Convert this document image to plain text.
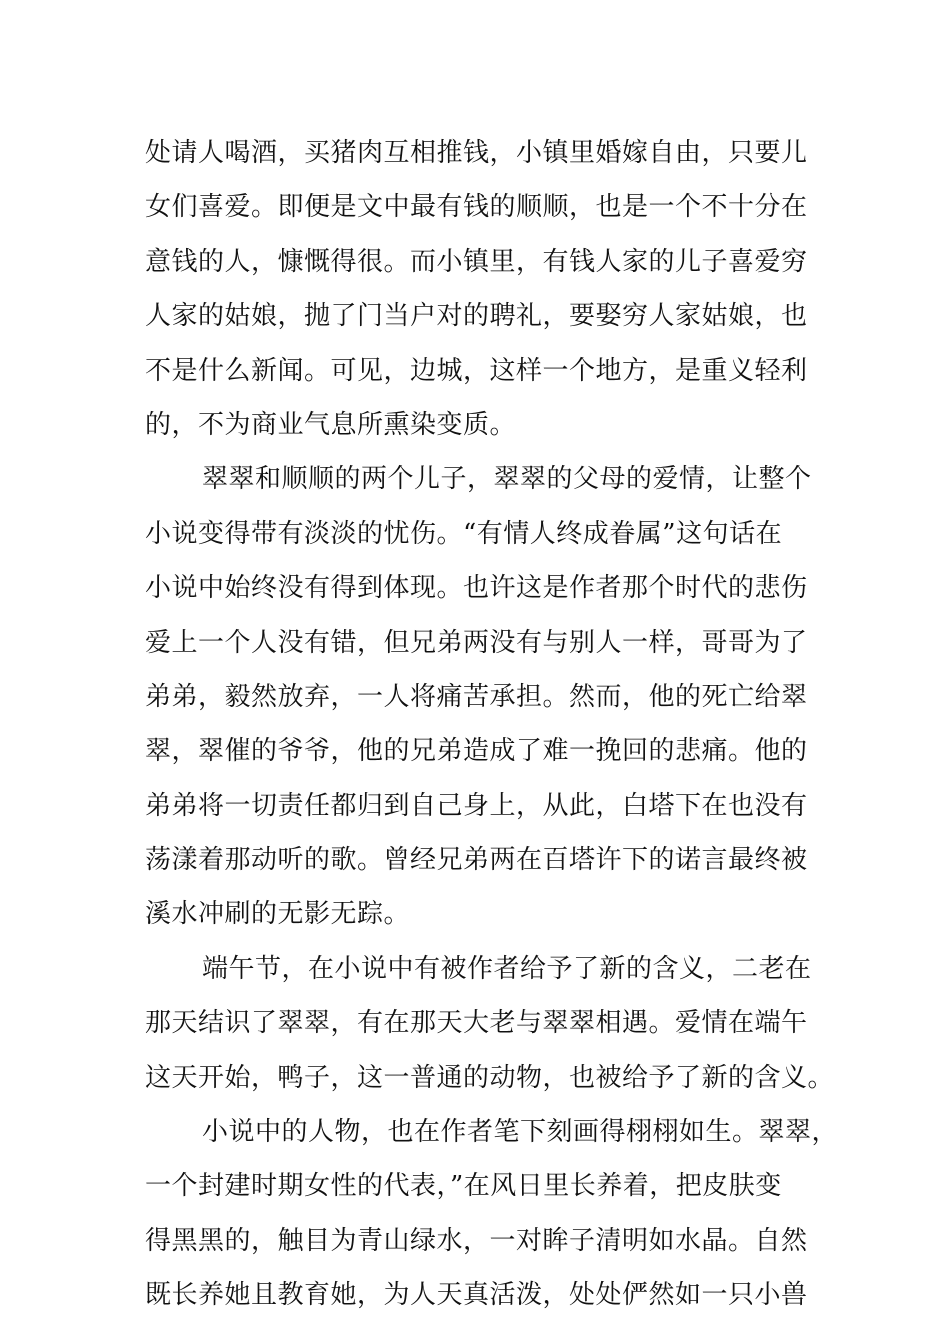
处请人喝酒，买猪肉互相推钱，小镇里婚嫁自由，只要儿
女们喜爱。即便是文中最有钱的顺顺，也是一个不十分在
意钱的人，慷慨得很。而小镇里，有钱人家的儿子喜爱穷
人家的姑娘，抛了门当户对的聘礼，要娶穷人家姑娘，也
不是什么新闻。可见，边城，这样一个地方，是重义轻利
的，不为商业气息所熏染变质。
翠翠和顺顺的两个儿子，翠翠的父母的爱情，让整个
小说变得带有淡淡的忧伤。“有情人终成眷属”这句话在
小说中始终没有得到体现。也许这是作者那个时代的悲伤
爱上一个人没有错，但兄弟两没有与别人一样，哥哥为了
弟弟，毅然放弃，一人将痛苦承担。然而，他的死亡给翠
翠，翠催的爷爷，他的兄弟造成了难一挽回的悲痛。他的
弟弟将一切责任都归到自己身上，从此，白塔下在也没有
荡漾着那动听的歌。曾经兄弟两在百塔许下的诺言最终被
溪水冲刷的无影无踪。
端午节，在小说中有被作者给予了新的含义，二老在
那天结识了翠翠，有在那天大老与翠翠相遇。爱情在端午
这天开始，鸭子，这一普通的动物，也被给予了新的含义。
小说中的人物，也在作者笔下刻画得栩栩如生。翠翠，
一个封建时期女性的代表，”在风日里长养着，把皮肤变
得黑黑的，触目为青山绿水，一对眸子清明如水晶。自然
既长养她且教育她，为人天真活泼，处处俨然如一只小兽
